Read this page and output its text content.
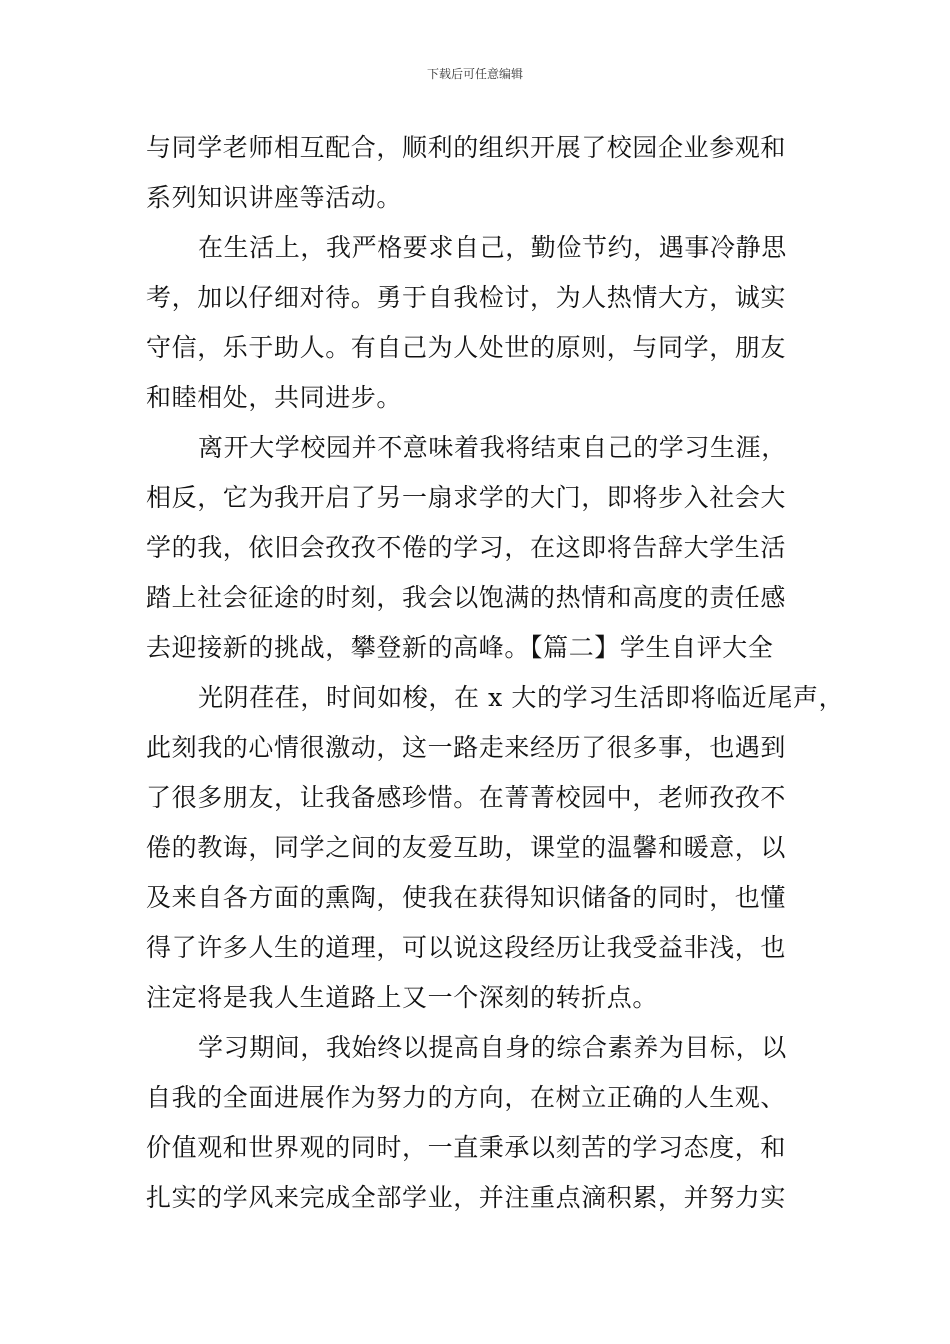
下载后可任意编辑
与同学老师相互配合，顺利的组织开展了校园企业参观和
系列知识讲座等活动。
在生活上，我严格要求自己，勤俭节约，遇事冷静思
考，加以仔细对待。勇于自我检讨，为人热情大方，诚实
守信，乐于助人。有自己为人处世的原则，与同学，朋友
和睦相处，共同进步。
离开大学校园并不意味着我将结束自己的学习生涯，
相反，它为我开启了另一扇求学的大门，即将步入社会大
学的我，依旧会孜孜不倦的学习，在这即将告辞大学生活
踏上社会征途的时刻，我会以饱满的热情和高度的责任感
去迎接新的挑战，攀登新的高峰。【篇二】学生自评大全
光阴荏荏，时间如梭，在 x 大的学习生活即将临近尾声，
此刻我的心情很激动，这一路走来经历了很多事，也遇到
了很多朋友，让我备感珍惜。在菁菁校园中，老师孜孜不
倦的教诲，同学之间的友爱互助，课堂的温馨和暖意，以
及来自各方面的熏陶，使我在获得知识储备的同时，也懂
得了许多人生的道理，可以说这段经历让我受益非浅，也
注定将是我人生道路上又一个深刻的转折点。
学习期间，我始终以提高自身的综合素养为目标，以
自我的全面进展作为努力的方向，在树立正确的人生观、
价值观和世界观的同时，一直秉承以刻苦的学习态度，和
扎实的学风来完成全部学业，并注重点滴积累，并努力实
